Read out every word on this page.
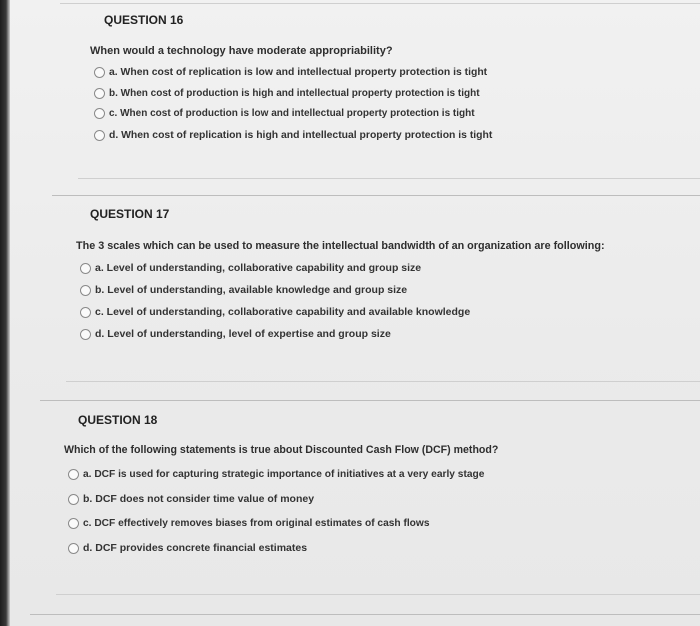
QUESTION 16
When would a technology have moderate appropriability?
a. When cost of replication is low and intellectual property protection is tight
b. When cost of production is high and intellectual property protection is tight
c. When cost of production is low and intellectual property protection is tight
d. When cost of replication is high and intellectual property protection is tight
QUESTION 17
The 3 scales which can be used to measure the intellectual bandwidth of an organization are following:
a. Level of understanding, collaborative capability and group size
b. Level of understanding, available knowledge and group size
c. Level of understanding, collaborative capability and available knowledge
d. Level of understanding, level of expertise and group size
QUESTION 18
Which of the following statements is true about Discounted Cash Flow (DCF) method?
a. DCF is used for capturing strategic importance of initiatives at a very early stage
b. DCF does not consider time value of money
c. DCF effectively removes biases from original estimates of cash flows
d. DCF provides concrete financial estimates
